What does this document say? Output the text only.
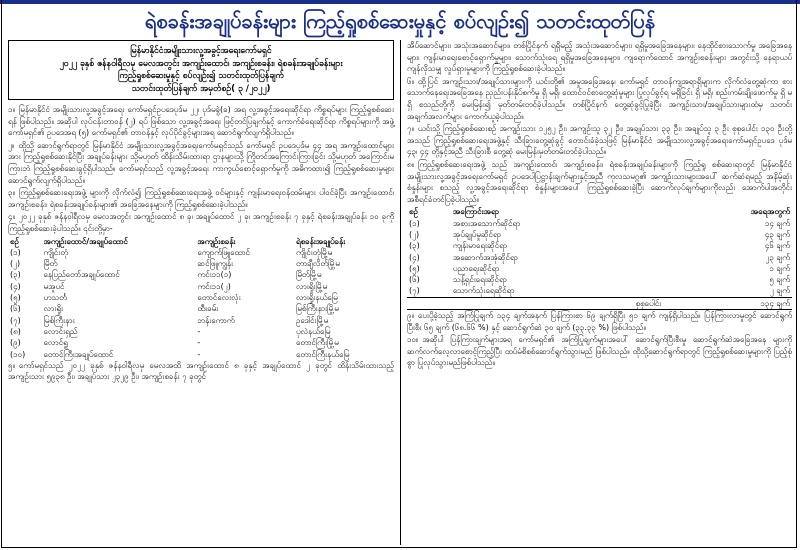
ရဲစခန်းအချုပ်ခန်းများ ကြည့်ရှုစစ်ဆေးမှုနှင့် စပ်လျဉ်း၍ သတင်းထုတ်ပြန်

မြန်မာနိုင်ငံအမျိုးသားလူ့အခွင့်အရေးကော်မရှင်

၂၀၂၂ ခုနှစ် ဇန်နဝါရီလမှ မေလအတွင်း အကျဉ်းထောင်၊ အကျဉ်းစခန်း၊ ရဲစခန်းအချုပ်ခန်းများ

ကြည့်ရှုစစ်ဆေးမှုနှင့် စပ်လျဉ်း၍ သတင်းထုတ်ပြန်ချက်

သတင်းထုတ်ပြန်ချက် အမှတ်စဉ်( ၃ /၂၀၂၂)

၁။ မြန်မာနိုင်ငံ အမျိုးသားလူ့အခွင့်အရေး ကော်မရှင်ဥပဒေပုဒ်မ ၂၂၊ ပုဒ်မခွဲ(ခ) အရ လူ့အခွင့်အရေးဆိုင်ရာ ကိစ္စရပ်များ ကြည့်ရှုစစ်ဆေးရန် ဖြစ်ပါသည်။ အဆိုပါ လုပ်ငန်းတာဝန် (၂) ရပ် ဖြစ်သော လူ့အခွင့်အရေး ဖြင့်တင်ပြချက်နှင့် ကောက်ခံရေးဆိုင်ရာ ကိစ္စရပ်များကို အဖွဲ့ ကော်မရှင်၏ ဥပဒေအရ (၅) ကော်မရှင်၏ တာဝန်နှင့် လုပ်ပိုင်ခွင့်များအရ ဆောင်ရွက်လျက်ရှိပါသည်။

၂။ ထို့သို့ ဆောင်ရွက်ရာတွင် မြန်မာနိုင်ငံ အမျိုးသားလူ့အခွင့်အရေးကော်မရှင်သည် ကော်မရှင် ဥပဒေပုဒ်မ ၄၄ အရ အကျဉ်းထောင်များအား ကြည့်ရှုစစ်ဆေးနိုင်ပြီး အချုပ်ခန်းများ သို့မဟုတ် ထိန်းသိမ်းထားရာ ဌာနများသို့ ကြိုတင်အကြောင်းကြားခြင်း သို့မဟုတ် အကြောင်းမကြားဘဲ ကြည့်ရှုစစ်ဆေးခွင့်ရှိပါသည်။ ကော်မရှင်သည် လူ့အခွင့်အရေး ကာကွယ်စောင့်ရှောက်မှုကို အဓိကထား၍ ကြည့်ရှုစစ်ဆေးမှုများ ဆောင်ရွက်လျက်ရှိပါသည်။

၃။ ကြည့်ရှုစစ်ဆေးရေးအဖွဲ့ များကို လိုက်လံ၍ ကြည့်ရှုစစ်ဆေးရေးအဖွဲ့ ဝင်များနှင့် ကျန်းမာရေးဝန်ထမ်းများ ပါဝင်ခဲ့ပြီး အကျဉ်းထောင်၊ အကျဉ်းစခန်း၊ ရဲစခန်းအချုပ်ခန်းများ၏ အခြေအနေများကို ကြည့်ရှုစစ်ဆေးခဲ့ပါသည်။

၄။ ၂၀၂၂ ခုနှစ် ဇန်နဝါရီလမှ မေလအတွင်း အကျဉ်းထောင် ၈ ခု၊ အချုပ်ထောင် ၂ ခု၊ အကျဉ်းစခန်း ၇ ခုနှင့် ရဲစခန်းအချုပ်ခန်း ၁၀ ခုကို ကြည့်ရှုစစ်ဆေးခဲ့ပါသည်။ ၎င်းတို့မှာ-

စဉ်	အကျဉ်းထောင်/အချုပ်ထောင်	အကျဉ်းစခန်း	ရဲစခန်းအချုပ်ခန်း
(၁)	ကျိုင်းတုံ	ကျောက်ဖြူထောင်	ကျိုင်းတုံမြို့မ
(၂)	မြိတ်	ဆင်ဖြူကျွန်း	တာချီလိတ်မြို့မ
(၃)	နေပြည်တော်အချုပ်ထောင်	ကင်း၁၁(၁)	မြိတ်မြို့မ
(၄)	မအူပင်	ကင်း၁၁(၂)	လားရှိုးမြို့မ
(၅)	ဟသင်္တ	တောင်လေးလုံး	လားရှိုးနယ်မြေ
(၆)	လားရှိုး	ထီးခမ်း	မြစ်ကြီးနားမြို့မ
(၇)	မြစ်ကြီးနား	ဘန်းကောက်	ဥဒေါင်းမြို့မ
(၈)	လောင်းရှည်	-	ပုလဲနယ်မြေ
(၉)	လောင်ရှူ	-	တောင်ကြီးမြို့မ
(၁၀)	တောင်ကြီးအချုပ်ထောင်	-	တောင်ကြီးနယ်မြေ

၅။ ကော်မရှင်သည် ၂၀၂၂ ခုနှစ် ဇန်နဝါရီလမှ မေလအထိ အကျဉ်းထောင် ၈ ခုနှင့် အချုပ်ထောင် ၂ ခုတွင် ထိန်းသိမ်းထားသည့် အကျဉ်းသား ၅၉၃၈ ဦး၊ အချုပ်သား ၂၃၂၉ ဦး၊ အကျဉ်းစခန်း ၇ ခုတွင်

အိပ်ဆောင်များ၊ အသုံးအဆောင်များ၊ တစ်ပြိုင်နက် ရရှိမည့် အသုံးအဆောင်များ၊ ရရှိမှုအခြေအနေများ၊ နေထိုင်စားသောက်မှု အခြေအနေများ၊ ကျန်းမာရေးစောင့်ရှောက်မှုများ၊ သောက်သုံးရေ ရရှိမှုအခြေအနေများ၊ ကျရောက်ထောင် အကျဉ်းစခန်းများ အတွင်းသို့ နေရာယပ်ကျန်လိုသမျှ လှုပ်ရှားမှုများကို ကြည့်ရှုစစ်ဆေးခဲ့ပါသည်။

၆။ ထို့ပြင် အကျဉ်းသား/အချုပ်သားများကို ယင်းတို့၏ အမှုအခြေအနေ၊ ကော်မရှင် တာဝန်ကျအရာရှိများက လိုက်လံတွေ့ဆုံကာ စားသောက်နေရေးအခြေအနေ ညှည်းပန်းနှိပ်စက်မှု ရှိ မရှိ၊ ထောင်ဝင်စာတွေ့ဆုံမှုများ ပြုလုပ်ခွင့်ရ မရှိခြင်း ရှိ မရှိ၊ စည်းကမ်းချိုးဖောက်မှု ရှိ မရှိ စသည်တို့ကို မေးမြန်း၍ မှတ်တမ်းတင်ခဲ့ပါသည်။ တစ်ပြိုင်နက် တွေ့ဆုံခွင့်ပြုခဲ့ပြီး အကျဉ်းသား/အချုပ်သားများထံမှ သတင်းအချက်အလက်များ ကောက်ယူခဲ့ပါသည်။

၇။ ယင်းသို့ ကြည့်ရှုစစ်ဆေးစဉ် အကျဉ်းသား ၁၂၅၂ ဦး၊ အကျဉ်းသူ ၃၂ ဦး၊ အချုပ်သား ၃၃ ဦး၊ အချုပ်သူ ၃ ဦး စုစုပေါင်း ၁၃၀ ဦးတို့အသည် ကြည့်ရှုစစ်ဆေးရေးအဖွဲ့နှင့် သီးခြားတွေ့ဆုံခွင့် တောင်းခံခဲ့သဖြင့် မြန်မာနိုင်ငံ အမျိုးသားလူ့အခွင့်အရေးကော်မရှင်ဥပဒေ ပုဒ်မ ၄၃၊ ၄၄ တို့နှင့်အညီ သီးခြားစီ တွေ့ဆုံ မေးမြန်းမှတ်တမ်းတင်ခဲ့ပါသည်။

၈။ ကြည့်ရှုစစ်ဆေးရေးအဖွဲ့ သည် အကျဉ်းထောင်၊ အကျဉ်းစခန်း၊ ရဲစခန်းအချုပ်ခန်းများကို ကြည့်ရှု စစ်ဆေးရာတွင် မြန်မာနိုင်ငံ အမျိုးသားလူ့အခွင့်အရေးကော်မရှင် ဥပဒေပါပြဋ္ဌာန်းချက်များနှင့်အညီ ကုလသမဂ္ဂ၏ အကျဉ်းသားများအပေါ် ဆက်ဆံရမည့် အနိမ့်ဆုံးစံနှုန်းများ စသည့် လူ့အခွင့်အရေးဆိုင်ရာ စံနှုန်းများအပေါ် ကြည့်ရှုစစ်ဆေးခဲ့ပြီး ဆောက်လုပ်ချက်များကိုလည်း အောက်ပါအတိုင်း အစီရင်ခံတင်ပြခဲ့ပါသည်။

စဉ်	အကြောင်းအရာ	အရေအတွက်
(၁)	အစားအသောက်ဆိုင်ရာ	၁၄ ချက်
(၂)	အုပ်ချုပ်မှုဆိုင်ရာ	၄၃ ချက်
(၃)	ကျန်းမာရေးဆိုင်ရာ	၄၆ ချက်
(၄)	အဆောက်အအုံဆိုင်ရာ	၂၃ ချက်
(၅)	ပညာရေးဆိုင်ရာ	၁ ချက်
(၆)	သန့်ရှင်းရေးဆိုင်ရာ	၅ ချက်
(၇)	သောက်သုံးရေဆိုင်ရာ	၂ ချက်
	စုစုပေါင်း	၁၃၄ ချက်

၉။ ပေးပို့ခဲ့သည့် အကြံပြုချက် ၁၃၄ ချက်အနက် ပြန်ကြားစာ ၆၉ ချက်ရှိပြီး ၅၁ ချက် ကျန်ရှိပါသည်။ ပြန်ကြားလာမှုတွင် ဆောင်ရွက်ပြီးစီး ၆၅ ချက် (၆၈.၆၆ %) နှင့် ဆောင်ရွက်ဆဲ ၃၀ ချက် (၃၃.၃၃ %) ဖြစ်ပါသည်။

၁၀။ အဆိုပါ ပြန်ကြားချက်များအရ ကော်မရှင်၏ အကြံပြုချက်များအပေါ် ဆောင်ရွက်ပြီးစီးမှု ဆောင်ရွက်ဆဲအခြေအနေ များကို ဆက်လက်လေ့လာစောင့်ကြည့်ပြီး ထပ်မံစိစစ်ဆောင်ရွက်သွားမည် ဖြစ်ပါသည်။ ထိုသို့ဆောင်ရွက်ရာတွင် ကြည့်ရှုစစ်ဆေးမှုများကို ပြည့်စုံစွာ ပြုလုပ်သွားမည်ဖြစ်ပါသည်။
